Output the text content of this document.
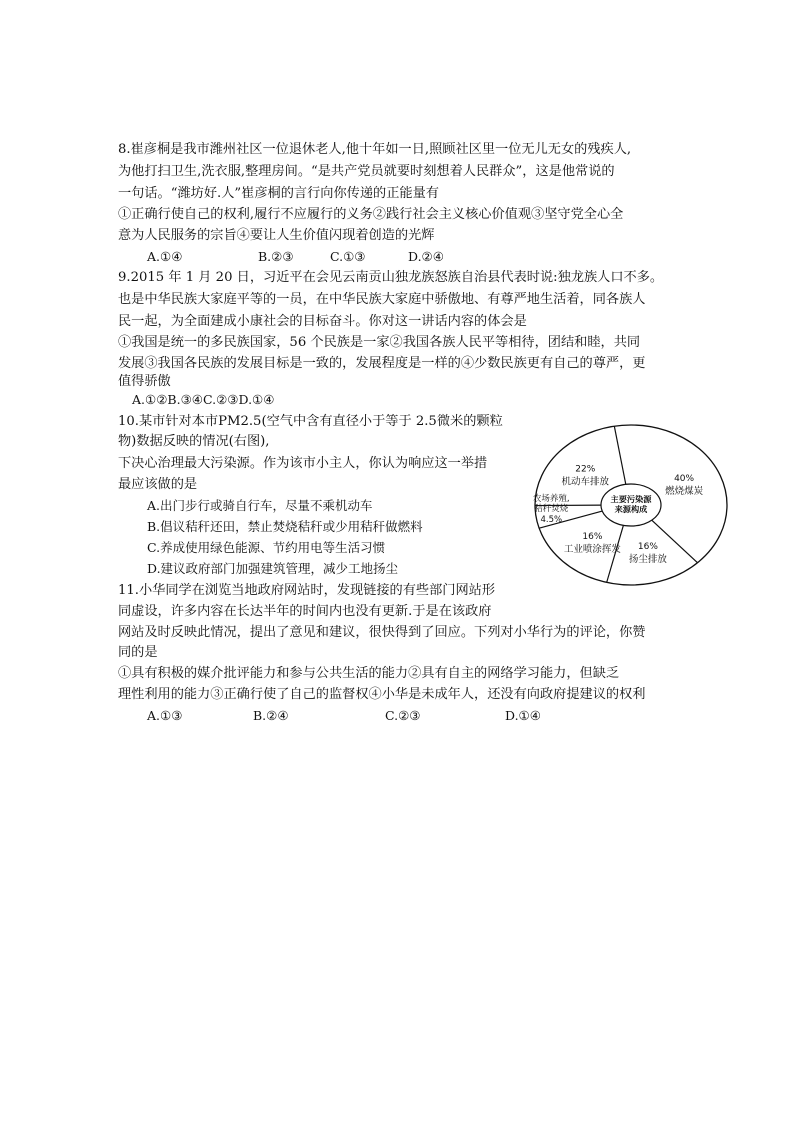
8.崔彦桐是我市潍州社区一位退休老人,他十年如一日,照顾社区里一位无儿无女的残疾人,
为他打扫卫生,洗衣服,整理房间。“是共产党员就要时刻想着人民群众”，这是他常说的
一句话。“潍坊好.人”崔彦桐的言行向你传递的正能量有
①正确行使自己的权利,履行不应履行的义务②践行社会主义核心价值观③坚守党全心全
意为人民服务的宗旨④要让人生价值闪现着创造的光辉
A.①④	B.②③	C.①③	D.②④
9.2015 年 1 月 20 日，习近平在会见云南贡山独龙族怒族自治县代表时说:独龙族人口不多。
也是中华民族大家庭平等的一员，在中华民族大家庭中骄傲地、有尊严地生活着，同各族人
民一起，为全面建成小康社会的目标奋斗。你对这一讲话内容的体会是
①我国是统一的多民族国家，56 个民族是一家②我国各族人民平等相待，团结和睦，共同
发展③我国各民族的发展目标是一致的，发展程度是一样的④少数民族更有自己的尊严，更
值得骄傲
A.①②B.③④C.②③D.①④
10.某市针对本市PM2.5(空气中含有直径小于等于 2.5微米的颗粒
物)数据反映的情况(右图),
下决心治理最大污染源。作为该市小主人，你认为响应这一举措
最应该做的是
A.出门步行或骑自行车，尽量不乘机动车
B.倡议秸秆还田，禁止焚烧秸秆或少用秸秆做燃料
C.养成使用绿色能源、节约用电等生活习惯
D.建议政府部门加强建筑管理，减少工地扬尘
40%
燃烧煤炭
16%
扬尘排放
16%
工业喷涂挥发
农场养殖,秸秆焚烧 4.5%
22%
机动车排放
主要污染源来源构成
11.小华同学在浏览当地政府网站时，发现链接的有些部门网站形
同虚设，许多内容在长达半年的时间内也没有更新.于是在该政府
网站及时反映此情况，提出了意见和建议，很快得到了回应。下列对小华行为的评论，你赞
同的是
①具有积极的媒介批评能力和参与公共生活的能力②具有自主的网络学习能力，但缺乏
理性利用的能力③正确行使了自己的监督权④小华是未成年人，还没有向政府提建议的权利
A.①③	B.②④	C.②③	D.①④
